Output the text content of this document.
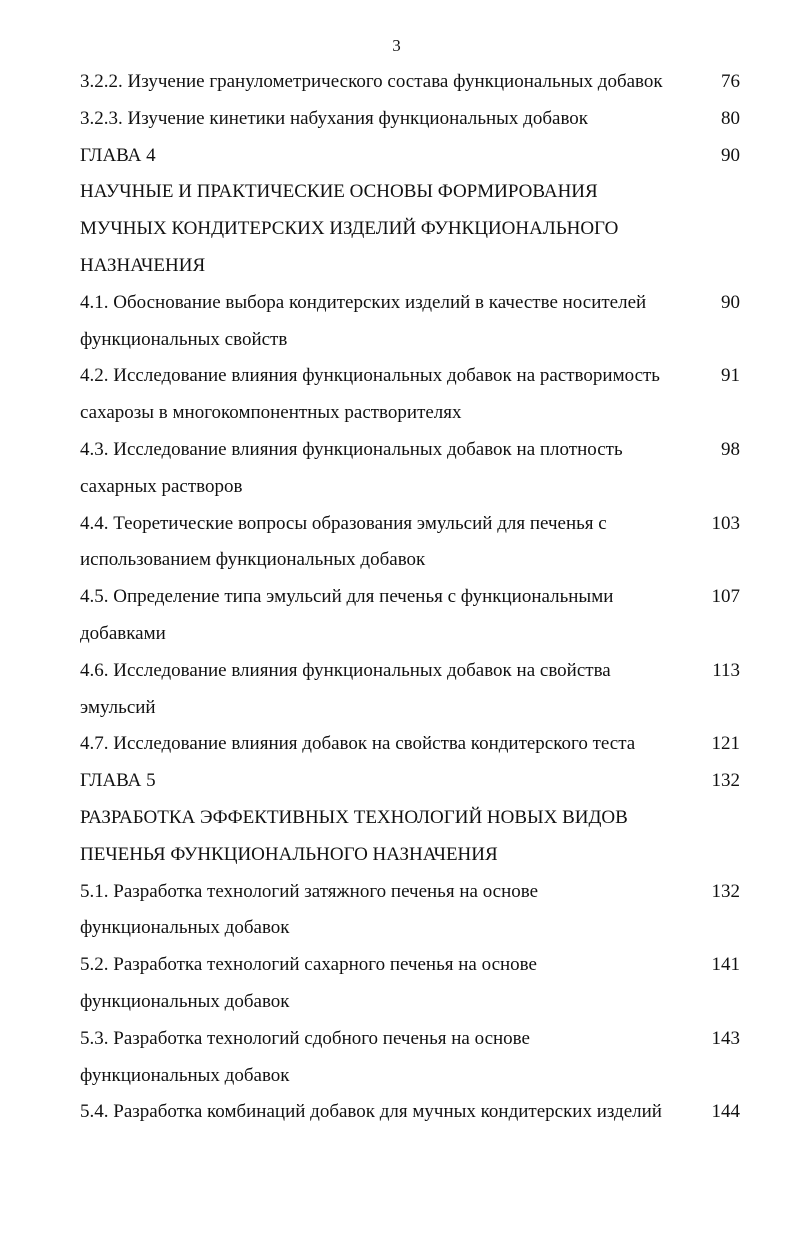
3
3.2.2. Изучение гранулометрического состава функциональных добавок	76
3.2.3. Изучение кинетики набухания функциональных добавок	80
ГЛАВА 4	90
НАУЧНЫЕ И ПРАКТИЧЕСКИЕ ОСНОВЫ ФОРМИРОВАНИЯ
МУЧНЫХ КОНДИТЕРСКИХ ИЗДЕЛИЙ ФУНКЦИОНАЛЬНОГО
НАЗНАЧЕНИЯ
4.1. Обоснование выбора кондитерских изделий в качестве носителей	90
функциональных свойств
4.2. Исследование влияния функциональных добавок на растворимость	91
сахарозы в многокомпонентных растворителях
4.3. Исследование влияния функциональных добавок на плотность	98
сахарных растворов
4.4. Теоретические вопросы образования эмульсий для печенья с	103
использованием функциональных добавок
4.5. Определение типа эмульсий для печенья с функциональными	107
добавками
4.6. Исследование влияния функциональных добавок на свойства	113
эмульсий
4.7. Исследование влияния добавок на свойства кондитерского теста	121
ГЛАВА 5	132
РАЗРАБОТКА ЭФФЕКТИВНЫХ ТЕХНОЛОГИЙ НОВЫХ ВИДОВ
ПЕЧЕНЬЯ ФУНКЦИОНАЛЬНОГО НАЗНАЧЕНИЯ
5.1. Разработка технологий затяжного печенья на основе	132
функциональных добавок
5.2. Разработка технологий сахарного печенья на основе	141
функциональных добавок
5.3. Разработка технологий сдобного печенья на основе	143
функциональных добавок
5.4. Разработка комбинаций добавок для мучных кондитерских изделий	144
